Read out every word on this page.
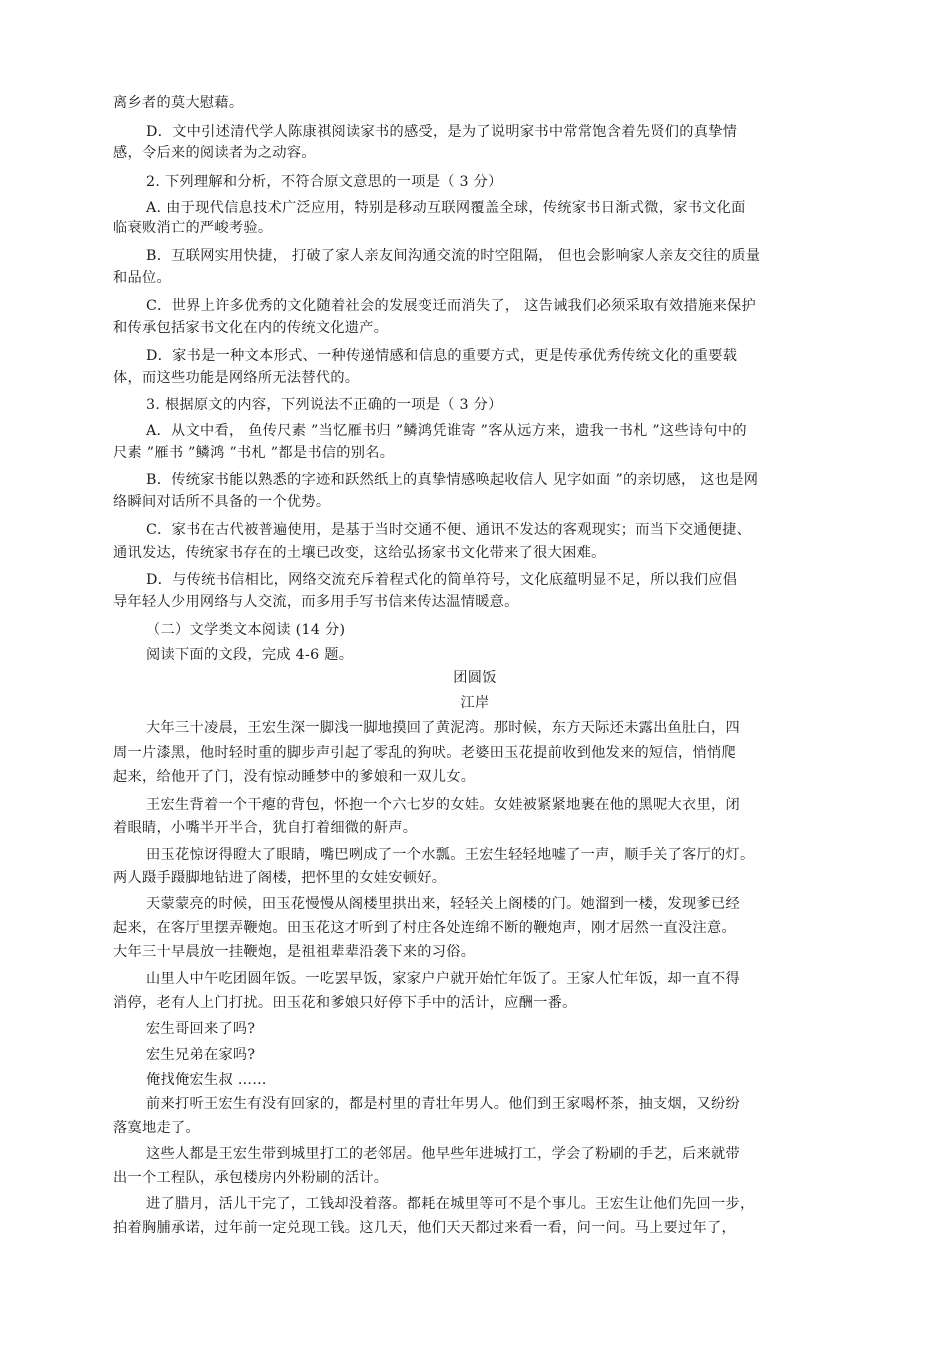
离乡者的莫大慰藉。
D．文中引述清代学人陈康祺阅读家书的感受，是为了说明家书中常常饱含着先贤们的真挚情
感，令后来的阅读者为之动容。
2. 下列理解和分析，不符合原文意思的一项是（ 3 分）
A. 由于现代信息技术广泛应用，特别是移动互联网覆盖全球，传统家书日渐式微，家书文化面
临衰败消亡的严峻考验。
B．互联网实用快捷， 打破了家人亲友间沟通交流的时空阻隔， 但也会影响家人亲友交往的质量
和品位。
C．世界上许多优秀的文化随着社会的发展变迁而消失了， 这告诫我们必须采取有效措施来保护
和传承包括家书文化在内的传统文化遗产。
D．家书是一种文本形式、一种传递情感和信息的重要方式，更是传承优秀传统文化的重要载
体，而这些功能是网络所无法替代的。
3. 根据原文的内容，下列说法不正确的一项是（ 3 分）
A．从文中看， 鱼传尺素 ”当忆雁书归 ”鳞鸿凭谁寄 ”客从远方来，遗我一书札 ”这些诗句中的
尺素 ”雁书 ”鳞鸿 ”书札 ”都是书信的别名。
B．传统家书能以熟悉的字迹和跃然纸上的真挚情感唤起收信人 见字如面 ”的亲切感， 这也是网
络瞬间对话所不具备的一个优势。
C．家书在古代被普遍使用，是基于当时交通不便、通讯不发达的客观现实；而当下交通便捷、
通讯发达，传统家书存在的土壤已改变，这给弘扬家书文化带来了很大困难。
D．与传统书信相比，网络交流充斥着程式化的简单符号，文化底蕴明显不足，所以我们应倡
导年轻人少用网络与人交流，而多用手写书信来传达温情暖意。
（二）文学类文本阅读 (14 分)
阅读下面的文段，完成 4-6 题。
团圆饭
江岸
大年三十凌晨，王宏生深一脚浅一脚地摸回了黄泥湾。那时候，东方天际还未露出鱼肚白，四
周一片漆黑，他时轻时重的脚步声引起了零乱的狗吠。老婆田玉花提前收到他发来的短信，悄悄爬
起来，给他开了门，没有惊动睡梦中的爹娘和一双儿女。
王宏生背着一个干瘪的背包，怀抱一个六七岁的女娃。女娃被紧紧地裹在他的黑呢大衣里，闭
着眼睛，小嘴半开半合，犹自打着细微的鼾声。
田玉花惊讶得瞪大了眼睛，嘴巴咧成了一个水瓢。王宏生轻轻地嘘了一声，顺手关了客厅的灯。
两人蹑手蹑脚地钻进了阁楼，把怀里的女娃安顿好。
天蒙蒙亮的时候，田玉花慢慢从阁楼里拱出来，轻轻关上阁楼的门。她溜到一楼，发现爹已经
起来，在客厅里摆弄鞭炮。田玉花这才听到了村庄各处连绵不断的鞭炮声，刚才居然一直没注意。
大年三十早晨放一挂鞭炮，是祖祖辈辈沿袭下来的习俗。
山里人中午吃团圆年饭。一吃罢早饭，家家户户就开始忙年饭了。王家人忙年饭，却一直不得
消停，老有人上门打扰。田玉花和爹娘只好停下手中的活计，应酬一番。
宏生哥回来了吗?
宏生兄弟在家吗?
俺找俺宏生叔 ……
前来打听王宏生有没有回家的，都是村里的青壮年男人。他们到王家喝杯茶，抽支烟，又纷纷
落寞地走了。
这些人都是王宏生带到城里打工的老邻居。他早些年进城打工，学会了粉刷的手艺，后来就带
出一个工程队，承包楼房内外粉刷的活计。
进了腊月，活儿干完了，工钱却没着落。都耗在城里等可不是个事儿。王宏生让他们先回一步，
拍着胸脯承诺，过年前一定兑现工钱。这几天，他们天天都过来看一看，问一问。马上要过年了，
